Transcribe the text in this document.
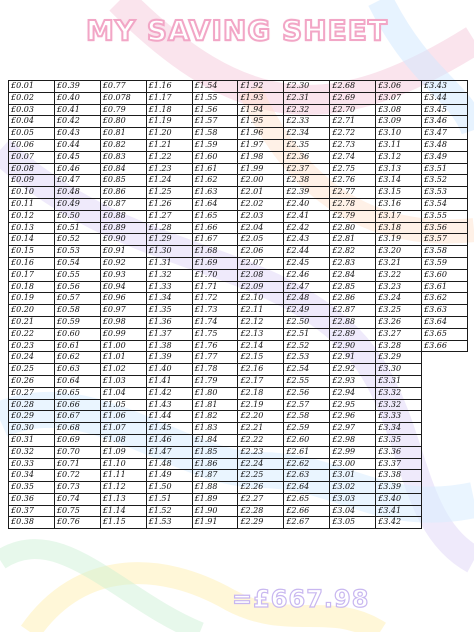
MY SAVING SHEET
£0.01	£0.39	£0.77	£1.16	£1.54	£1.92	£2.30	£2.68	£3.06	£3.43
£0.02	£0.40	£0.078	£1.17	£1.55	£1.93	£2.31	£2.69	£3.07	£3.44
£0.03	£0.41	£0.79	£1.18	£1.56	£1.94	£2.32	£2.70	£3.08	£3.45
£0.04	£0.42	£0.80	£1.19	£1.57	£1.95	£2.33	£2.71	£3.09	£3.46
£0.05	£0.43	£0.81	£1.20	£1.58	£1.96	£2.34	£2.72	£3.10	£3.47
£0.06	£0.44	£0.82	£1.21	£1.59	£1.97	£2.35	£2.73	£3.11	£3.48
£0.07	£0.45	£0.83	£1.22	£1.60	£1.98	£2.36	£2.74	£3.12	£3.49
£0.08	£0.46	£0.84	£1.23	£1.61	£1.99	£2.37	£2.75	£3.13	£3.51
£0.09	£0.47	£0.85	£1.24	£1.62	£2.00	£2.38	£2.76	£3.14	£3.52
£0.10	£0.48	£0.86	£1.25	£1.63	£2.01	£2.39	£2.77	£3.15	£3.53
£0.11	£0.49	£0.87	£1.26	£1.64	£2.02	£2.40	£2.78	£3.16	£3.54
£0.12	£0.50	£0.88	£1.27	£1.65	£2.03	£2.41	£2.79	£3.17	£3.55
£0.13	£0.51	£0.89	£1.28	£1.66	£2.04	£2.42	£2.80	£3.18	£3.56
£0.14	£0.52	£0.90	£1.29	£1.67	£2.05	£2.43	£2.81	£3.19	£3.57
£0.15	£0.53	£0.91	£1.30	£1.68	£2.06	£2.44	£2.82	£3.20	£3.58
£0.16	£0.54	£0.92	£1.31	£1.69	£2.07	£2.45	£2.83	£3.21	£3.59
£0.17	£0.55	£0.93	£1.32	£1.70	£2.08	£2.46	£2.84	£3.22	£3.60
£0.18	£0.56	£0.94	£1.33	£1.71	£2.09	£2.47	£2.85	£3.23	£3.61
£0.19	£0.57	£0.96	£1.34	£1.72	£2.10	£2.48	£2.86	£3.24	£3.62
£0.20	£0.58	£0.97	£1.35	£1.73	£2.11	£2.49	£2.87	£3.25	£3.63
£0.21	£0.59	£0.98	£1.36	£1.74	£2.12	£2.50	£2.88	£3.26	£3.64
£0.22	£0.60	£0.99	£1.37	£1.75	£2.13	£2.51	£2.89	£3.27	£3.65
£0.23	£0.61	£1.00	£1.38	£1.76	£2.14	£2.52	£2.90	£3.28	£3.66
£0.24	£0.62	£1.01	£1.39	£1.77	£2.15	£2.53	£2.91	£3.29	
£0.25	£0.63	£1.02	£1.40	£1.78	£2.16	£2.54	£2.92	£3.30	
£0.26	£0.64	£1.03	£1.41	£1.79	£2.17	£2.55	£2.93	£3.31	
£0.27	£0.65	£1.04	£1.42	£1.80	£2.18	£2.56	£2.94	£3.32	
£0.28	£0.66	£1.05	£1.43	£1.81	£2.19	£2.57	£2.95	£3.32	
£0.29	£0.67	£1.06	£1.44	£1.82	£2.20	£2.58	£2.96	£3.33	
£0.30	£0.68	£1.07	£1.45	£1.83	£2.21	£2.59	£2.97	£3.34	
£0.31	£0.69	£1.08	£1.46	£1.84	£2.22	£2.60	£2.98	£3.35	
£0.32	£0.70	£1.09	£1.47	£1.85	£2.23	£2.61	£2.99	£3.36	
£0.33	£0.71	£1.10	£1.48	£1.86	£2.24	£2.62	£3.00	£3.37	
£0.34	£0.72	£1.11	£1.49	£1.87	£2.25	£2.63	£3.01	£3.38	
£0.35	£0.73	£1.12	£1.50	£1.88	£2.26	£2.64	£3.02	£3.39	
£0.36	£0.74	£1.13	£1.51	£1.89	£2.27	£2.65	£3.03	£3.40	
£0.37	£0.75	£1.14	£1.52	£1.90	£2.28	£2.66	£3.04	£3.41	
£0.38	£0.76	£1.15	£1.53	£1.91	£2.29	£2.67	£3.05	£3.42	
=£667.98
